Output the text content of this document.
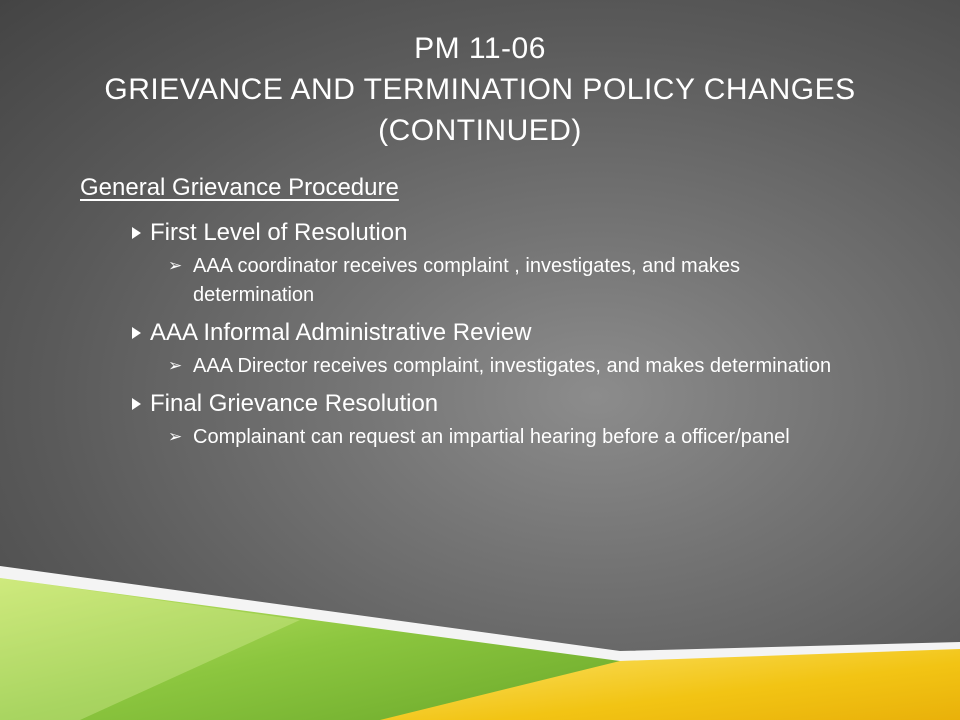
PM 11-06
GRIEVANCE AND TERMINATION POLICY CHANGES
(CONTINUED)
General Grievance Procedure
First Level of Resolution
➢ AAA coordinator receives complaint , investigates, and makes determination
AAA Informal Administrative Review
➢ AAA Director receives complaint, investigates, and makes determination
Final Grievance Resolution
➢ Complainant can request an impartial hearing before a officer/panel
